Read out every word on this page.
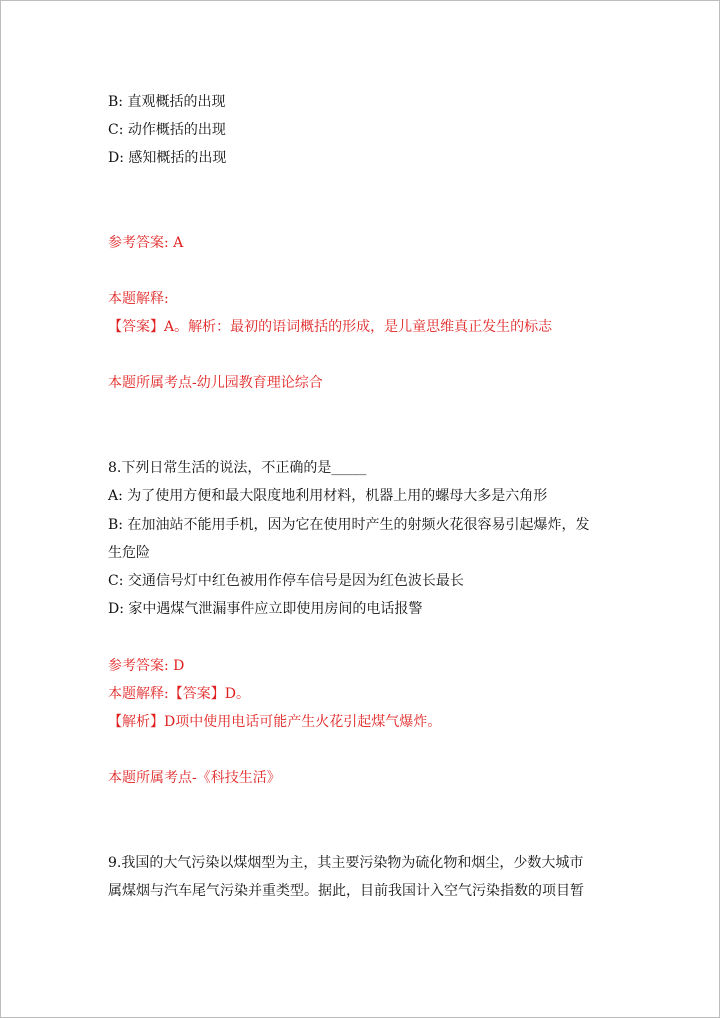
B: 直观概括的出现
C: 动作概括的出现
D: 感知概括的出现
参考答案: A
本题解释:
【答案】A。解析：最初的语词概括的形成，是儿童思维真正发生的标志
本题所属考点-幼儿园教育理论综合
8.下列日常生活的说法，不正确的是_____
A: 为了使用方便和最大限度地利用材料，机器上用的螺母大多是六角形
B: 在加油站不能用手机，因为它在使用时产生的射频火花很容易引起爆炸，发
生危险
C: 交通信号灯中红色被用作停车信号是因为红色波长最长
D: 家中遇煤气泄漏事件应立即使用房间的电话报警
参考答案: D
本题解释:【答案】D。
【解析】D项中使用电话可能产生火花引起煤气爆炸。
本题所属考点-《科技生活》
9.我国的大气污染以煤烟型为主，其主要污染物为硫化物和烟尘，少数大城市
属煤烟与汽车尾气污染并重类型。据此，目前我国计入空气污染指数的项目暂
